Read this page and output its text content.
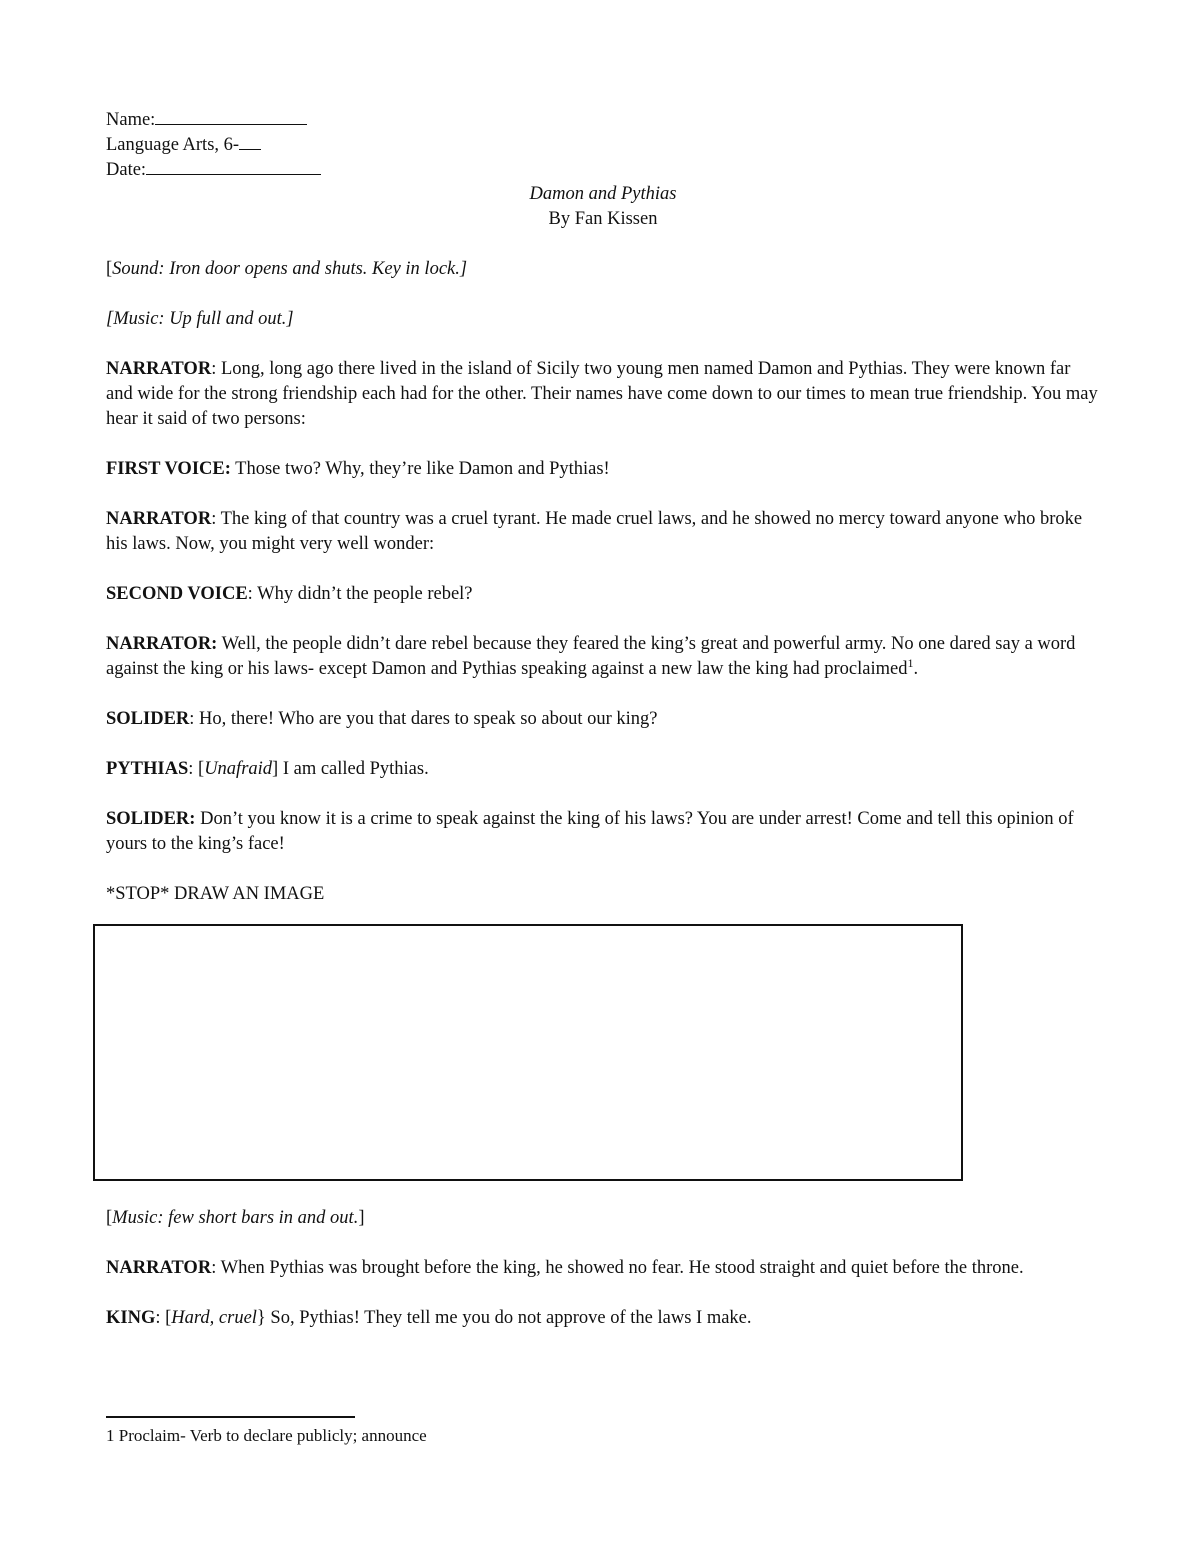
Name:
Language Arts, 6-
Date:
Damon and Pythias
By Fan Kissen

[Sound: Iron door opens and shuts. Key in lock.]

[Music: Up full and out.]

NARRATOR: Long, long ago there lived in the island of Sicily two young men named Damon and Pythias. They were known far and wide for the strong friendship each had for the other. Their names have come down to our times to mean true friendship. You may hear it said of two persons:

FIRST VOICE: Those two? Why, they’re like Damon and Pythias!

NARRATOR: The king of that country was a cruel tyrant. He made cruel laws, and he showed no mercy toward anyone who broke his laws. Now, you might very well wonder:

SECOND VOICE: Why didn’t the people rebel?

NARRATOR: Well, the people didn’t dare rebel because they feared the king’s great and powerful army. No one dared say a word against the king or his laws- except Damon and Pythias speaking against a new law the king had proclaimed$^1$.

SOLIDER: Ho, there! Who are you that dares to speak so about our king?

PYTHIAS: [Unafraid] I am called Pythias.

SOLIDER: Don’t you know it is a crime to speak against the king of his laws? You are under arrest! Come and tell this opinion of yours to the king’s face!

*STOP* DRAW AN IMAGE

[Music: few short bars in and out.]

NARRATOR: When Pythias was brought before the king, he showed no fear. He stood straight and quiet before the throne.

KING: [Hard, cruel} So, Pythias! They tell me you do not approve of the laws I make.

1 Proclaim- Verb to declare publicly; announce
